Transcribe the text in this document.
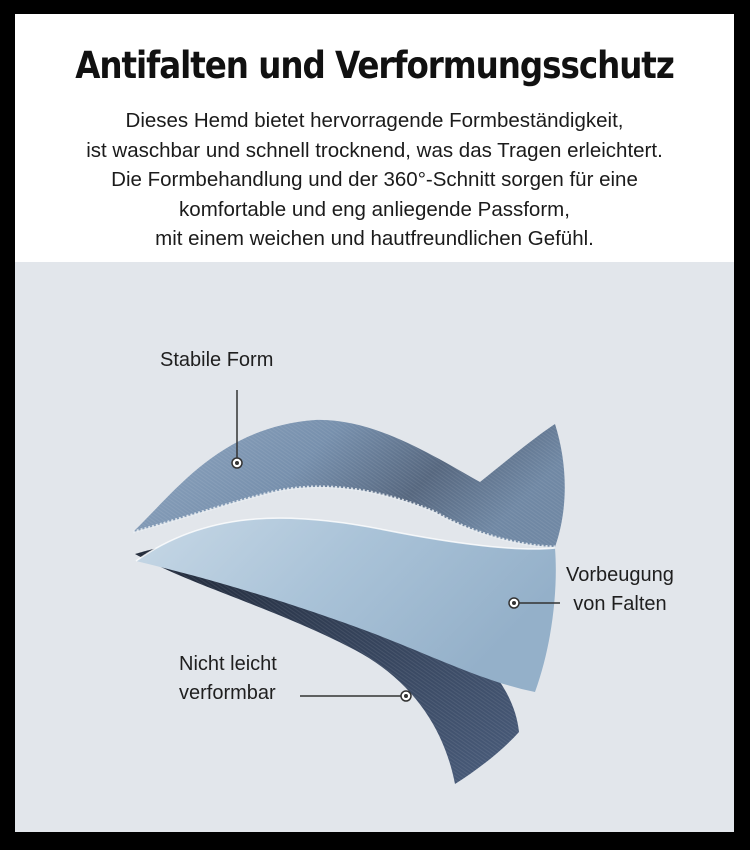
Antifalten und Verformungsschutz
Dieses Hemd bietet hervorragende Formbeständigkeit,
ist waschbar und schnell trocknend, was das Tragen erleichtert.
Die Formbehandlung und der 360°-Schnitt sorgen für eine
komfortable und eng anliegende Passform,
mit einem weichen und hautfreundlichen Gefühl.
Stabile Form
Vorbeugung
von Falten
Nicht leicht
verformbar
